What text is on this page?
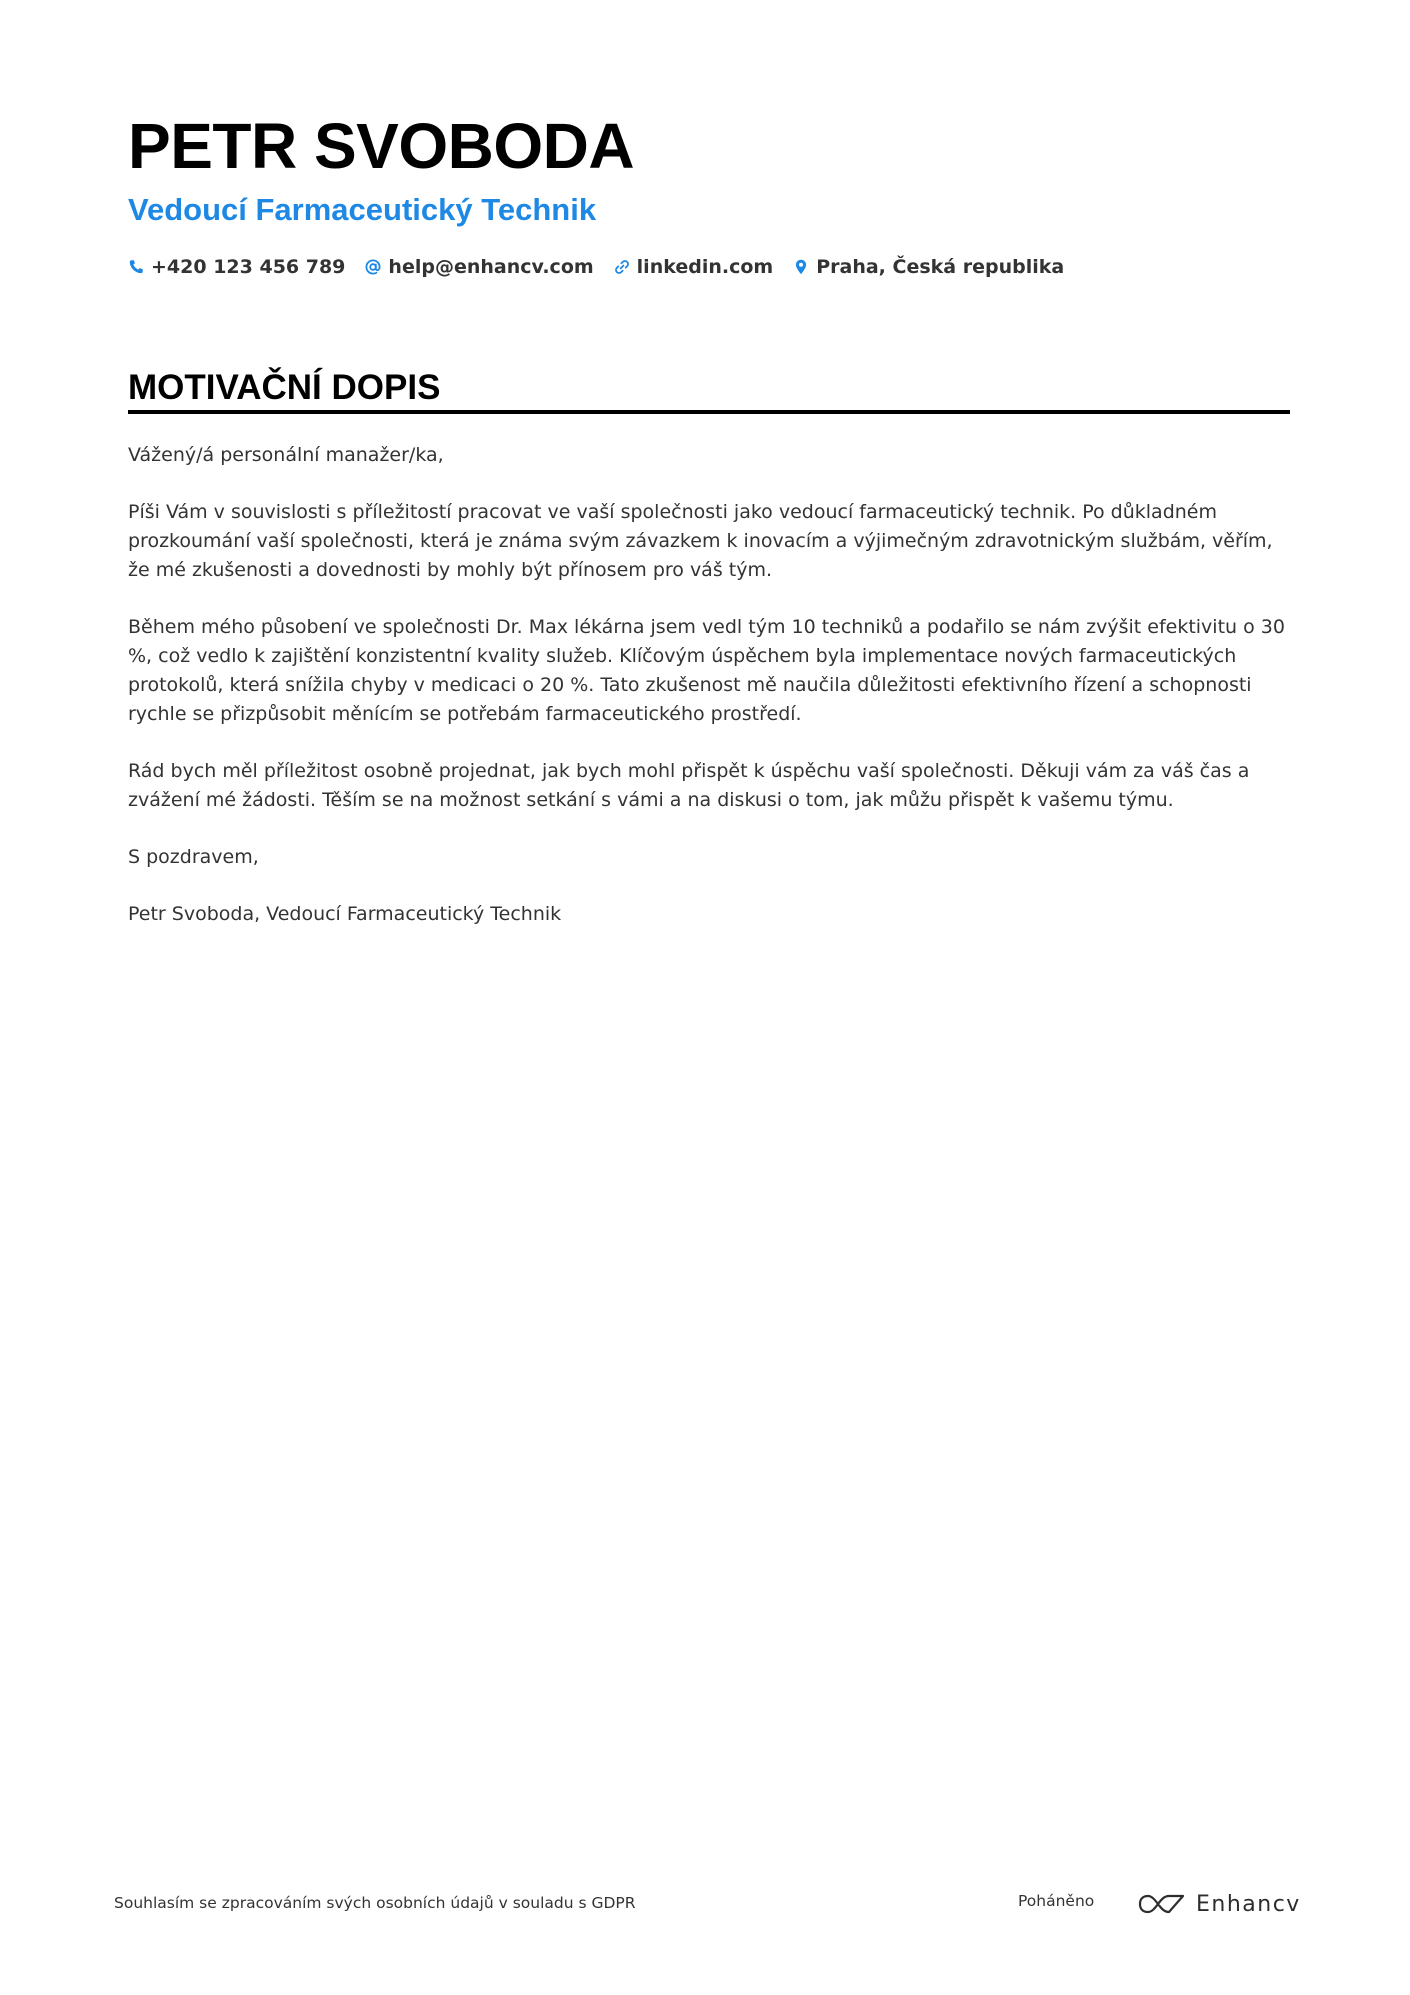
PETR SVOBODA
Vedoucí Farmaceutický Technik
+420 123 456 789 help@enhancv.com linkedin.com Praha, Česká republika
MOTIVAČNÍ DOPIS

Vážený/á personální manažer/ka,

Píši Vám v souvislosti s příležitostí pracovat ve vaší společnosti jako vedoucí farmaceutický technik. Po důkladném prozkoumání vaší společnosti, která je známa svým závazkem k inovacím a výjimečným zdravotnickým službám, věřím, že mé zkušenosti a dovednosti by mohly být přínosem pro váš tým.

Během mého působení ve společnosti Dr. Max lékárna jsem vedl tým 10 techniků a podařilo se nám zvýšit efektivitu o 30 %, což vedlo k zajištění konzistentní kvality služeb. Klíčovým úspěchem byla implementace nových farmaceutických protokolů, která snížila chyby v medicaci o 20 %. Tato zkušenost mě naučila důležitosti efektivního řízení a schopnosti rychle se přizpůsobit měnícím se potřebám farmaceutického prostředí.

Rád bych měl příležitost osobně projednat, jak bych mohl přispět k úspěchu vaší společnosti. Děkuji vám za váš čas a zvážení mé žádosti. Těším se na možnost setkání s vámi a na diskusi o tom, jak můžu přispět k vašemu týmu.

S pozdravem,

Petr Svoboda, Vedoucí Farmaceutický Technik

Souhlasím se zpracováním svých osobních údajů v souladu s GDPR	Poháněno	Enhancv
